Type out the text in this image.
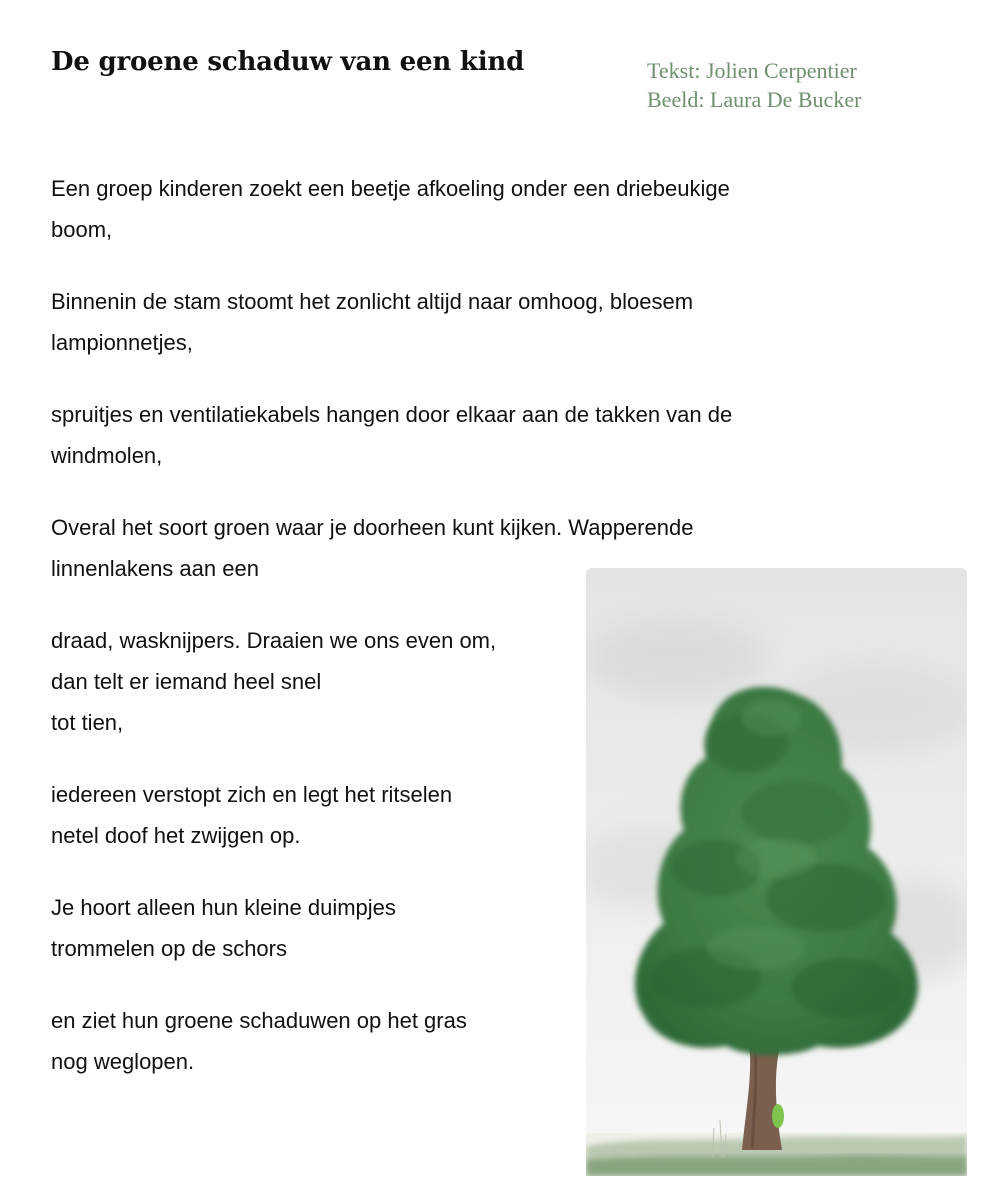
De groene schaduw van een kind	Tekst: Jolien Cerpentier
Beeld: Laura De Bucker

Een groep kinderen zoekt een beetje afkoeling onder een driebeukige
boom,

Binnenin de stam stoomt het zonlicht altijd naar omhoog, bloesem
lampionnetjes,

spruitjes en ventilatiekabels hangen door elkaar aan de takken van de
windmolen,

Overal het soort groen waar je doorheen kunt kijken. Wapperende
linnenlakens aan een

draad, wasknijpers. Draaien we ons even om,
dan telt er iemand heel snel
tot tien,

iedereen verstopt zich en legt het ritselen
netel doof het zwijgen op.

Je hoort alleen hun kleine duimpjes
trommelen op de schors

en ziet hun groene schaduwen op het gras
nog weglopen.
